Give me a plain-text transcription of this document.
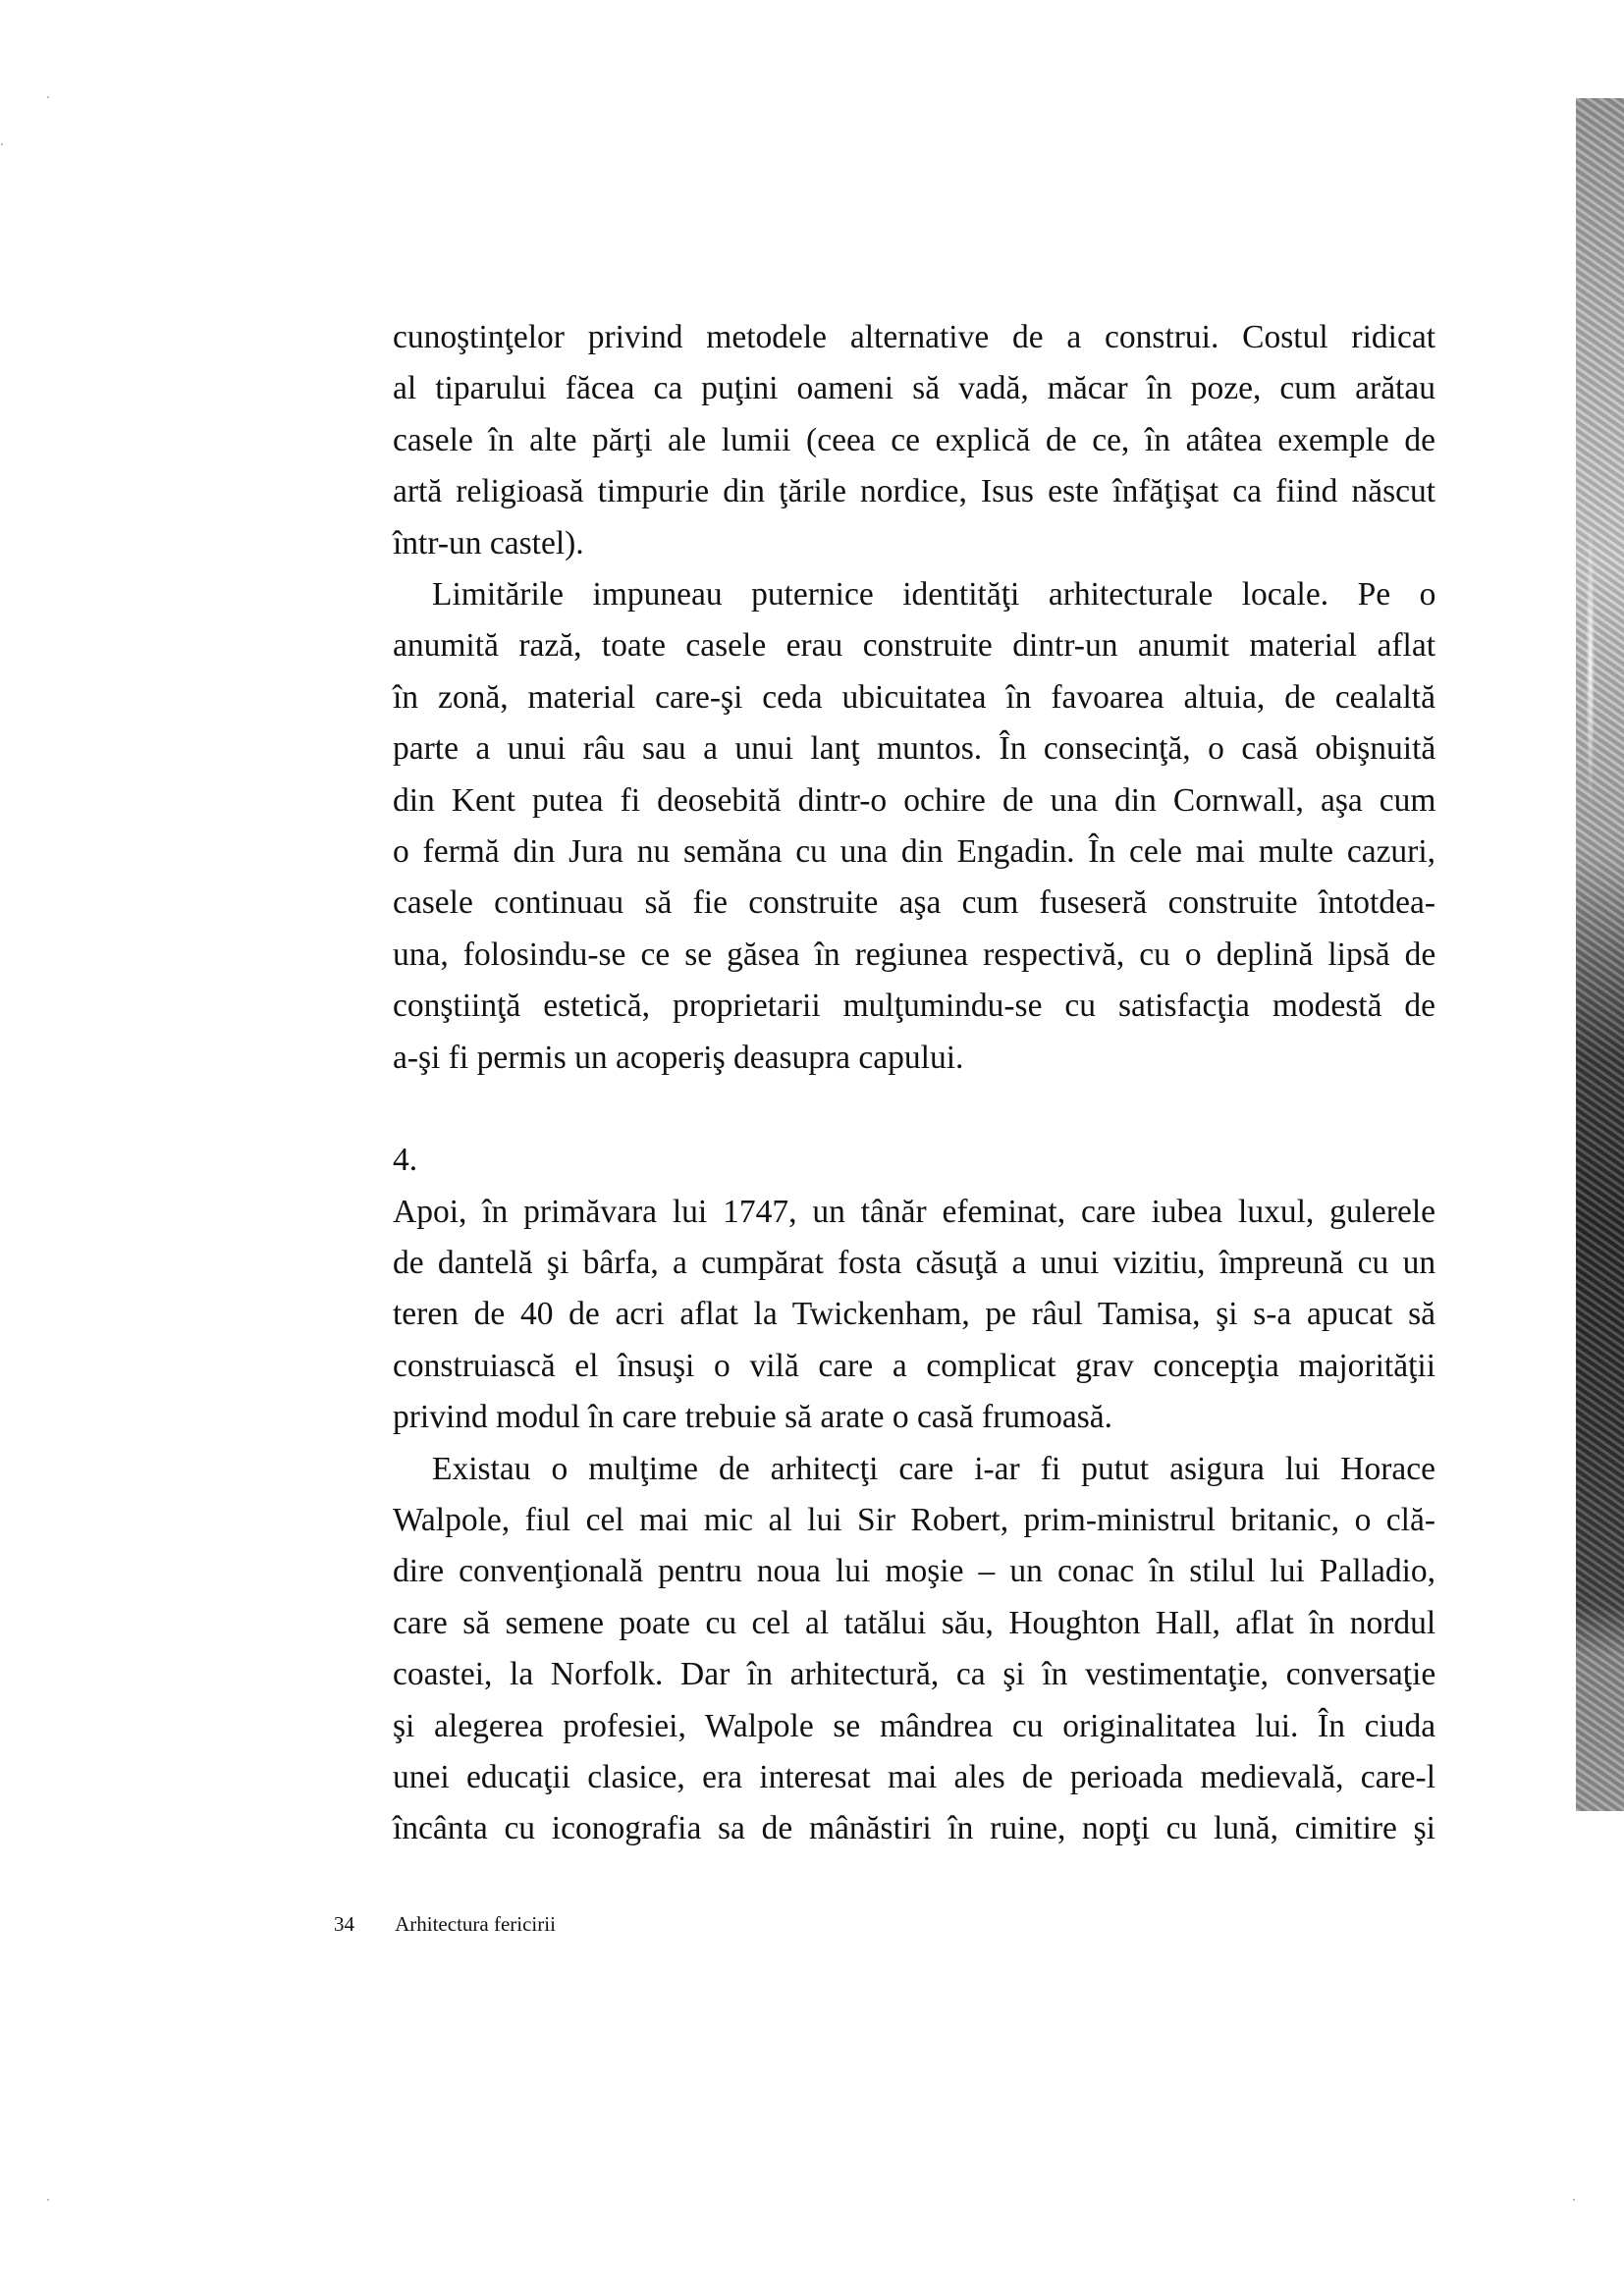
cunoştinţelor privind metodele alternative de a construi. Costul ridicat
al tiparului făcea ca puţini oameni să vadă, măcar în poze, cum arătau
casele în alte părţi ale lumii (ceea ce explică de ce, în atâtea exemple de
artă religioasă timpurie din ţările nordice, Isus este înfăţişat ca fiind născut
într-un castel).

Limitările impuneau puternice identităţi arhitecturale locale. Pe o
anumită rază, toate casele erau construite dintr-un anumit material aflat
în zonă, material care-şi ceda ubicuitatea în favoarea altuia, de cealaltă
parte a unui râu sau a unui lanţ muntos. În consecinţă, o casă obişnuită
din Kent putea fi deosebită dintr-o ochire de una din Cornwall, aşa cum
o fermă din Jura nu semăna cu una din Engadin. În cele mai multe cazuri,
casele continuau să fie construite aşa cum fuseseră construite întotdea-
una, folosindu-se ce se găsea în regiunea respectivă, cu o deplină lipsă de
conştiinţă estetică, proprietarii mulţumindu-se cu satisfacţia modestă de
a-şi fi permis un acoperiş deasupra capului.

4.

Apoi, în primăvara lui 1747, un tânăr efeminat, care iubea luxul, gulerele
de dantelă şi bârfa, a cumpărat fosta căsuţă a unui vizitiu, împreună cu un
teren de 40 de acri aflat la Twickenham, pe râul Tamisa, şi s-a apucat să
construiască el însuşi o vilă care a complicat grav concepţia majorităţii
privind modul în care trebuie să arate o casă frumoasă.

Existau o mulţime de arhitecţi care i-ar fi putut asigura lui Horace
Walpole, fiul cel mai mic al lui Sir Robert, prim-ministrul britanic, o clă-
dire convenţională pentru noua lui moşie – un conac în stilul lui Palladio,
care să semene poate cu cel al tatălui său, Houghton Hall, aflat în nordul
coastei, la Norfolk. Dar în arhitectură, ca şi în vestimentaţie, conversaţie
şi alegerea profesiei, Walpole se mândrea cu originalitatea lui. În ciuda
unei educaţii clasice, era interesat mai ales de perioada medievală, care-l
încânta cu iconografia sa de mânăstiri în ruine, nopţi cu lună, cimitire şi

34 Arhitectura fericirii
